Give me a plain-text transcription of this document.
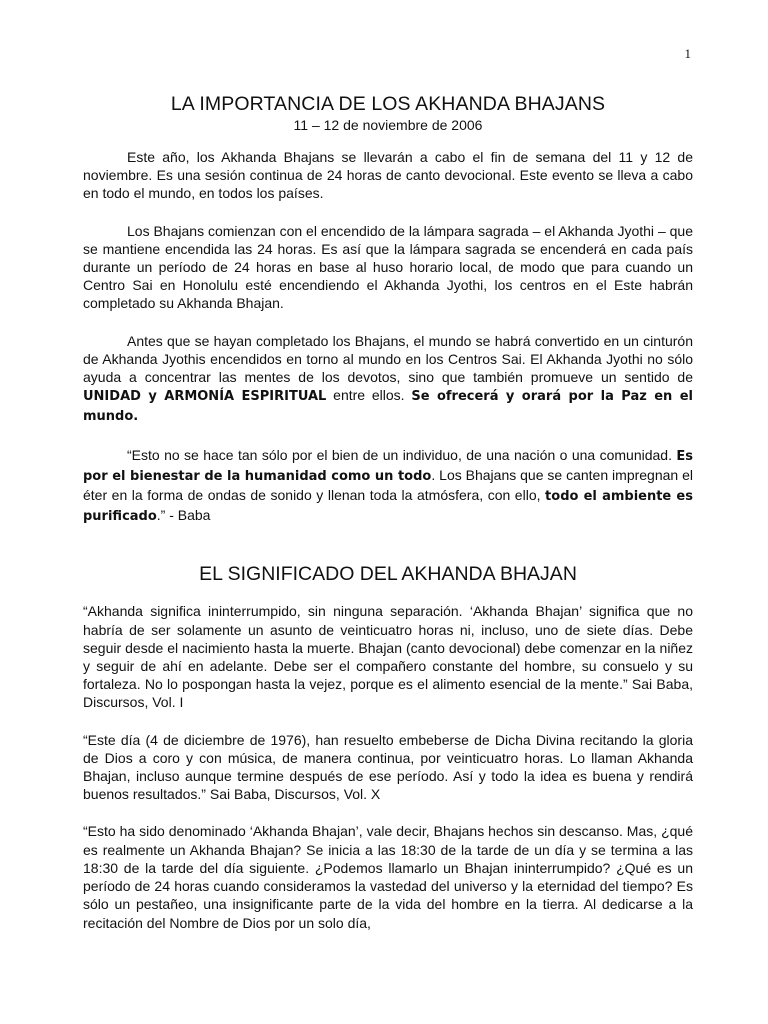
1
LA IMPORTANCIA DE LOS AKHANDA BHAJANS
11 – 12 de noviembre de 2006

Este año, los Akhanda Bhajans se llevarán a cabo el fin de semana del 11 y 12 de noviembre. Es una sesión continua de 24 horas de canto devocional. Este evento se lleva a cabo en todo el mundo, en todos los países.

Los Bhajans comienzan con el encendido de la lámpara sagrada – el Akhanda Jyothi – que se mantiene encendida las 24 horas. Es así que la lámpara sagrada se encenderá en cada país durante un período de 24 horas en base al huso horario local, de modo que para cuando un Centro Sai en Honolulu esté encendiendo el Akhanda Jyothi, los centros en el Este habrán completado su Akhanda Bhajan.

Antes que se hayan completado los Bhajans, el mundo se habrá convertido en un cinturón de Akhanda Jyothis encendidos en torno al mundo en los Centros Sai. El Akhanda Jyothi no sólo ayuda a concentrar las mentes de los devotos, sino que también promueve un sentido de UNIDAD y ARMONÍA ESPIRITUAL entre ellos. Se ofrecerá y orará por la Paz en el mundo.

“Esto no se hace tan sólo por el bien de un individuo, de una nación o una comunidad. Es por el bienestar de la humanidad como un todo. Los Bhajans que se canten impregnan el éter en la forma de ondas de sonido y llenan toda la atmósfera, con ello, todo el ambiente es purificado.” - Baba

EL SIGNIFICADO DEL AKHANDA BHAJAN

“Akhanda significa ininterrumpido, sin ninguna separación. ‘Akhanda Bhajan’ significa que no habría de ser solamente un asunto de veinticuatro horas ni, incluso, uno de siete días. Debe seguir desde el nacimiento hasta la muerte. Bhajan (canto devocional) debe comenzar en la niñez y seguir de ahí en adelante. Debe ser el compañero constante del hombre, su consuelo y su fortaleza. No lo pospongan hasta la vejez, porque es el alimento esencial de la mente.” Sai Baba, Discursos, Vol. I

“Este día (4 de diciembre de 1976), han resuelto embeberse de Dicha Divina recitando la gloria de Dios a coro y con música, de manera continua, por veinticuatro horas. Lo llaman Akhanda Bhajan, incluso aunque termine después de ese período. Así y todo la idea es buena y rendirá buenos resultados.” Sai Baba, Discursos, Vol. X

“Esto ha sido denominado ‘Akhanda Bhajan’, vale decir, Bhajans hechos sin descanso. Mas, ¿qué es realmente un Akhanda Bhajan? Se inicia a las 18:30 de la tarde de un día y se termina a las 18:30 de la tarde del día siguiente. ¿Podemos llamarlo un Bhajan ininterrumpido? ¿Qué es un período de 24 horas cuando consideramos la vastedad del universo y la eternidad del tiempo? Es sólo un pestañeo, una insignificante parte de la vida del hombre en la tierra. Al dedicarse a la recitación del Nombre de Dios por un solo día,
